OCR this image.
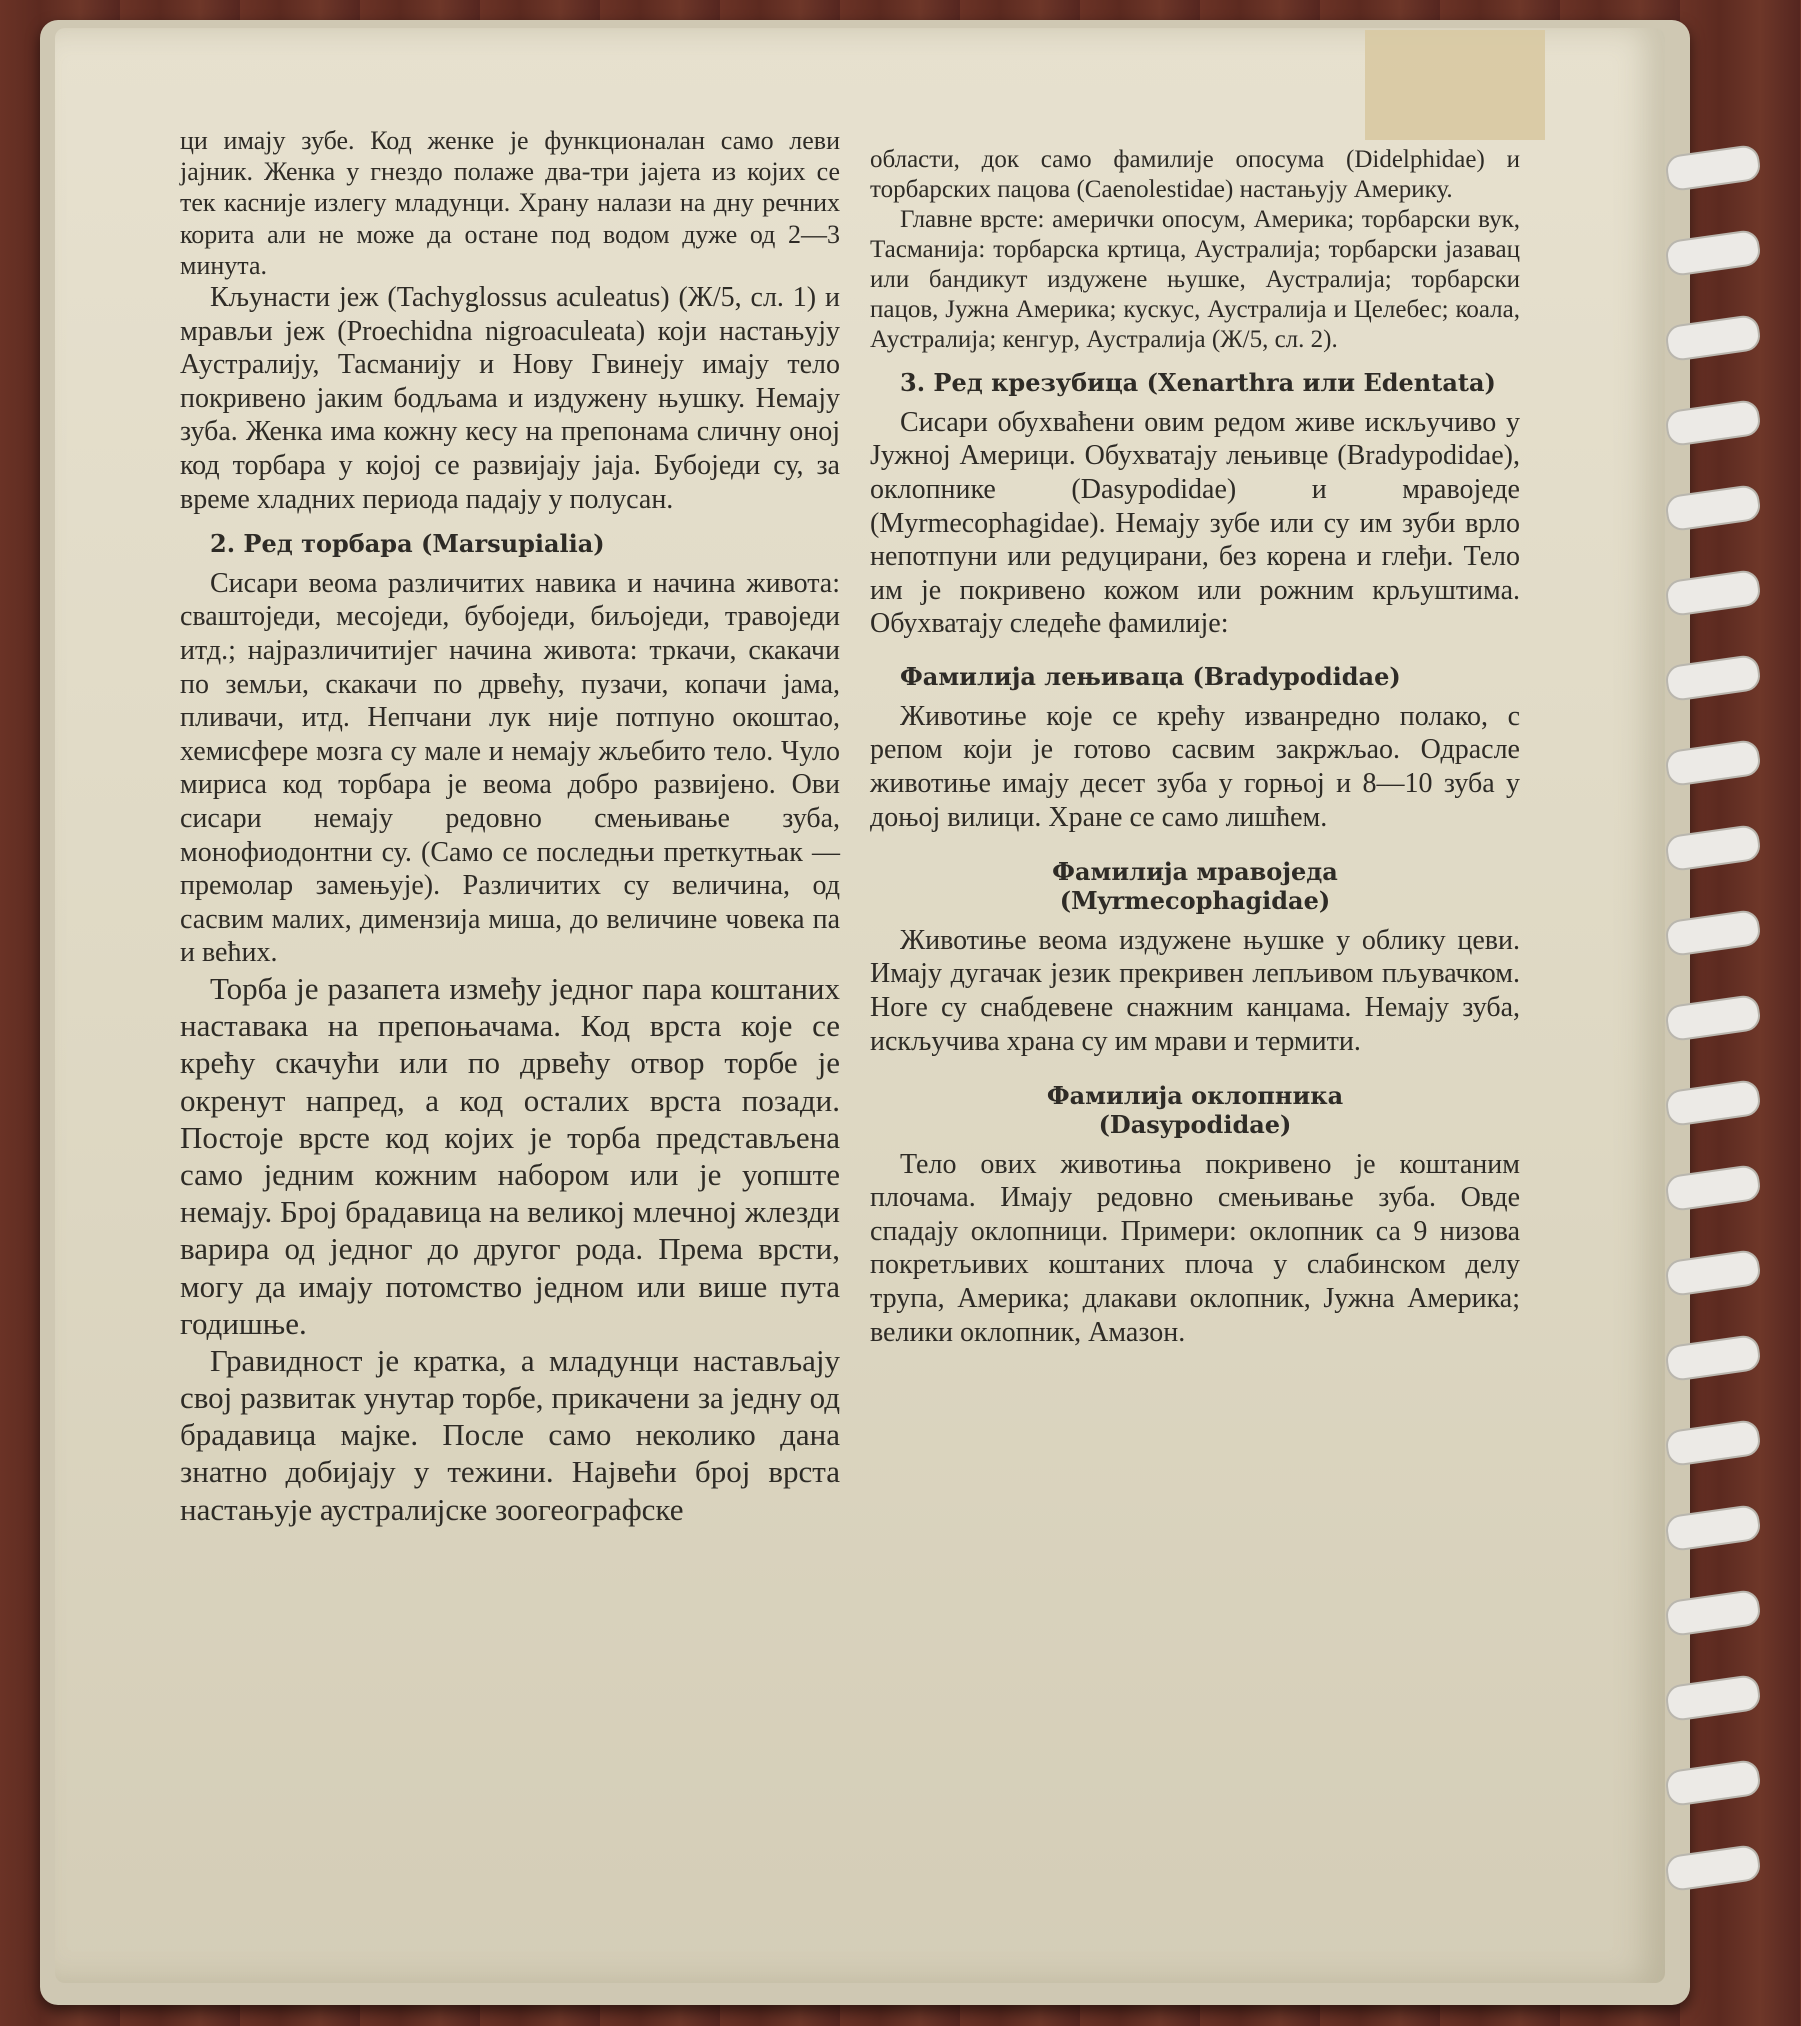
ци имају зубе. Код женке је функционалан само леви јајник. Женка у гнездо полаже два-три јајета из којих се тек касније излегу младунци. Храну налази на дну речних корита али не може да остане под водом дуже од 2—3 минута.

Кљунасти јеж (Tachyglossus aculeatus) (Ж/5, сл. 1) и мрављи јеж (Proechidna nigroaculeata) који настањују Аустралију, Тасманију и Нову Гвинеју имају тело покривено јаким бодљама и издужену њушку. Немају зуба. Женка има кожну кесу на препонама сличну оној код торбара у којој се развијају јаја. Бубоједи су, за време хладних периода падају у полусан.

2. Ред торбара (Marsupialia)

Сисари веома различитих навика и начина живота: сваштоједи, месоједи, бубоједи, биљоједи, травоједи итд.; најразличитијег начина живота: тркачи, скакачи по земљи, скакачи по дрвећу, пузачи, копачи јама, пливачи, итд. Непчани лук није потпуно окоштао, хемисфере мозга су мале и немају жљебито тело. Чуло мириса код торбара је веома добро развијено. Ови сисари немају редовно смењивање зуба, монофиодонтни су. (Само се последњи преткутњак — премолар замењује). Различитих су величина, од сасвим малих, димензија миша, до величине човека па и већих.

Торба је разапета између једног пара коштаних наставака на препоњачама. Код врста које се крећу скачући или по дрвећу отвор торбе је окренут напред, а код осталих врста позади. Постоје врсте код којих је торба представљена само једним кожним набором или је уопште немају. Број брадавица на великој млечној жлезди варира од једног до другог рода. Према врсти, могу да имају потомство једном или више пута годишње.

Гравидност је кратка, а младунци настављају свој развитак унутар торбе, прикачени за једну од брадавица мајке. После само неколико дана знатно добијају у тежини. Највећи број врста настањује аустралијске зоогеографске

области, док само фамилије опосума (Didelphidae) и торбарских пацова (Caenolestidae) настањују Америку.

Главне врсте: амерички опосум, Америка; торбарски вук, Тасманија: торбарска кртица, Аустралија; торбарски јазавац или бандикут издужене њушке, Аустралија; торбарски пацов, Јужна Америка; кускус, Аустралија и Целебес; коала, Аустралија; кенгур, Аустралија (Ж/5, сл. 2).

3. Ред крезубица (Xenarthra или Edentata)

Сисари обухваћени овим редом живе искључиво у Јужној Америци. Обухватају лењивце (Bradypodidae), оклопнике (Dasypodidae) и мравоједе (Myrmecophagidae). Немају зубе или су им зуби врло непотпуни или редуцирани, без корена и глеђи. Тело им је покривено кожом или рожним крљуштима. Обухватају следеће фамилије:

Фамилија лењиваца (Bradypodidae)

Животиње које се крећу изванредно полако, с репом који је готово сасвим закржљао. Одрасле животиње имају десет зуба у горњој и 8—10 зуба у доњој вилици. Хране се само лишћем.

Фамилија мравоједа
(Myrmecophagidae)

Животиње веома издужене њушке у облику цеви. Имају дугачак језик прекривен лепљивом пљувачком. Ноге су снабдевене снажним канџама. Немају зуба, искључива храна су им мрави и термити.

Фамилија оклопника
(Dasypodidae)

Тело ових животиња покривено је коштаним плочама. Имају редовно смењивање зуба. Овде спадају оклопници. Примери: оклопник са 9 низова покретљивих коштаних плоча у слабинском делу трупа, Америка; длакави оклопник, Јужна Америка; велики оклопник, Амазон.
